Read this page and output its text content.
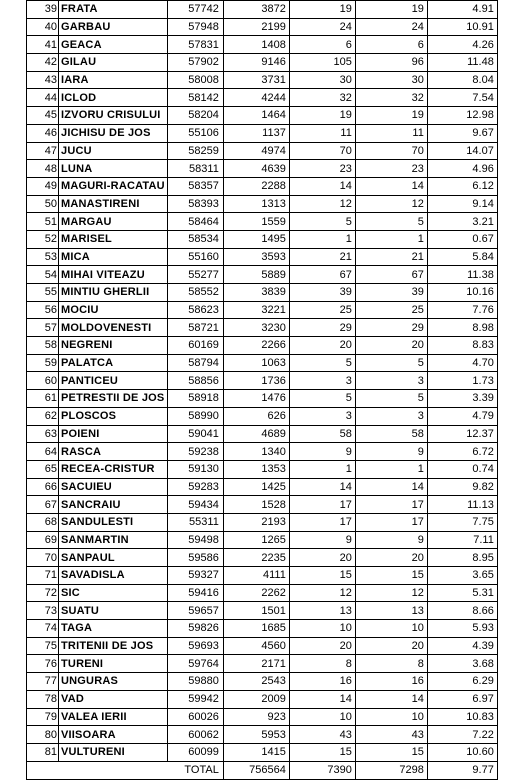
39	FRATA	57742	3872	19	19	4.91
40	GARBAU	57948	2199	24	24	10.91
41	GEACA	57831	1408	6	6	4.26
42	GILAU	57902	9146	105	96	11.48
43	IARA	58008	3731	30	30	8.04
44	ICLOD	58142	4244	32	32	7.54
45	IZVORU CRISULUI	58204	1464	19	19	12.98
46	JICHISU DE JOS	55106	1137	11	11	9.67
47	JUCU	58259	4974	70	70	14.07
48	LUNA	58311	4639	23	23	4.96
49	MAGURI-RACATAU	58357	2288	14	14	6.12
50	MANASTIRENI	58393	1313	12	12	9.14
51	MARGAU	58464	1559	5	5	3.21
52	MARISEL	58534	1495	1	1	0.67
53	MICA	55160	3593	21	21	5.84
54	MIHAI VITEAZU	55277	5889	67	67	11.38
55	MINTIU GHERLII	58552	3839	39	39	10.16
56	MOCIU	58623	3221	25	25	7.76
57	MOLDOVENESTI	58721	3230	29	29	8.98
58	NEGRENI	60169	2266	20	20	8.83
59	PALATCA	58794	1063	5	5	4.70
60	PANTICEU	58856	1736	3	3	1.73
61	PETRESTII DE JOS	58918	1476	5	5	3.39
62	PLOSCOS	58990	626	3	3	4.79
63	POIENI	59041	4689	58	58	12.37
64	RASCA	59238	1340	9	9	6.72
65	RECEA-CRISTUR	59130	1353	1	1	0.74
66	SACUIEU	59283	1425	14	14	9.82
67	SANCRAIU	59434	1528	17	17	11.13
68	SANDULESTI	55311	2193	17	17	7.75
69	SANMARTIN	59498	1265	9	9	7.11
70	SANPAUL	59586	2235	20	20	8.95
71	SAVADISLA	59327	4111	15	15	3.65
72	SIC	59416	2262	12	12	5.31
73	SUATU	59657	1501	13	13	8.66
74	TAGA	59826	1685	10	10	5.93
75	TRITENII DE JOS	59693	4560	20	20	4.39
76	TURENI	59764	2171	8	8	3.68
77	UNGURAS	59880	2543	16	16	6.29
78	VAD	59942	2009	14	14	6.97
79	VALEA IERII	60026	923	10	10	10.83
80	VIISOARA	60062	5953	43	43	7.22
81	VULTURENI	60099	1415	15	15	10.60
		TOTAL	756564	7390	7298	9.77
